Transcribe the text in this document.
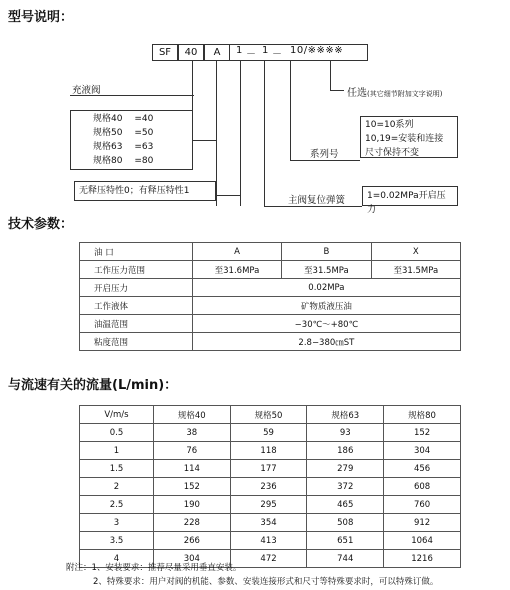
型号说明：
SF	40	A	1 － 1 － 10/※※※※
充液阀	任选(其它细节附加文字说明)
规格40　 =40
规格50　 =50
规格63　 =63
规格80　 =80
10=10系列
10,19=安装和连接
尺寸保持不变
系列号
无释压特性0；有释压特性1
主阀复位弹簧	1=0.02MPa开启压力
技术参数：
油 口	A	B	X
工作压力范围	至31.6MPa	至31.5MPa	至31.5MPa
开启压力	0.02MPa		
工作液体	矿物质液压油		
油温范围	−30℃～+80℃		
粘度范围	2.8−380㎝ST		
与流速有关的流量(L/min)：
V/m/s	规格40	规格50	规格63	规格80
0.5	38	59	93	152
1	76	118	186	304
1.5	114	177	279	456
2	152	236	372	608
2.5	190	295	465	760
3	228	354	508	912
3.5	266	413	651	1064
4	304	472	744	1216
附注：1、安装要求：推荐尽量采用垂直安装。
2、特殊要求：用户对阀的机能、参数、安装连接形式和尺寸等特殊要求时，可以特殊订做。
